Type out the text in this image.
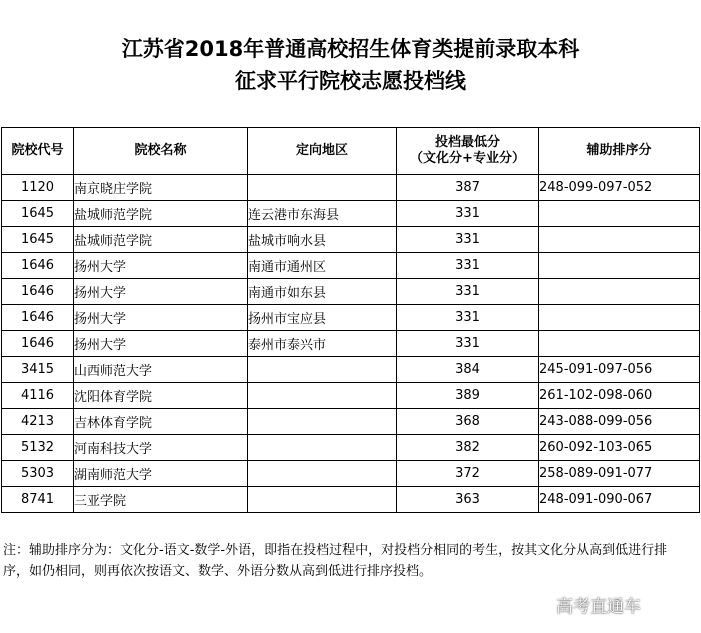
江苏省2018年普通高校招生体育类提前录取本科
征求平行院校志愿投档线
院校代号	院校名称	定向地区	投档最低分
（文化分+专业分）	辅助排序分
1120	南京晓庄学院		387	248-099-097-052
1645	盐城师范学院	连云港市东海县	331	
1645	盐城师范学院	盐城市响水县	331	
1646	扬州大学	南通市通州区	331	
1646	扬州大学	南通市如东县	331	
1646	扬州大学	扬州市宝应县	331	
1646	扬州大学	泰州市泰兴市	331	
3415	山西师范大学		384	245-091-097-056
4116	沈阳体育学院		389	261-102-098-060
4213	吉林体育学院		368	243-088-099-056
5132	河南科技大学		382	260-092-103-065
5303	湖南师范大学		372	258-089-091-077
8741	三亚学院		363	248-091-090-067
注：辅助排序分为：文化分-语文-数学-外语，即指在投档过程中，对投档分相同的考生，按其文化分从高到低进行排序，如仍相同，则再依次按语文、数学、外语分数从高到低进行排序投档。
高考直通车
